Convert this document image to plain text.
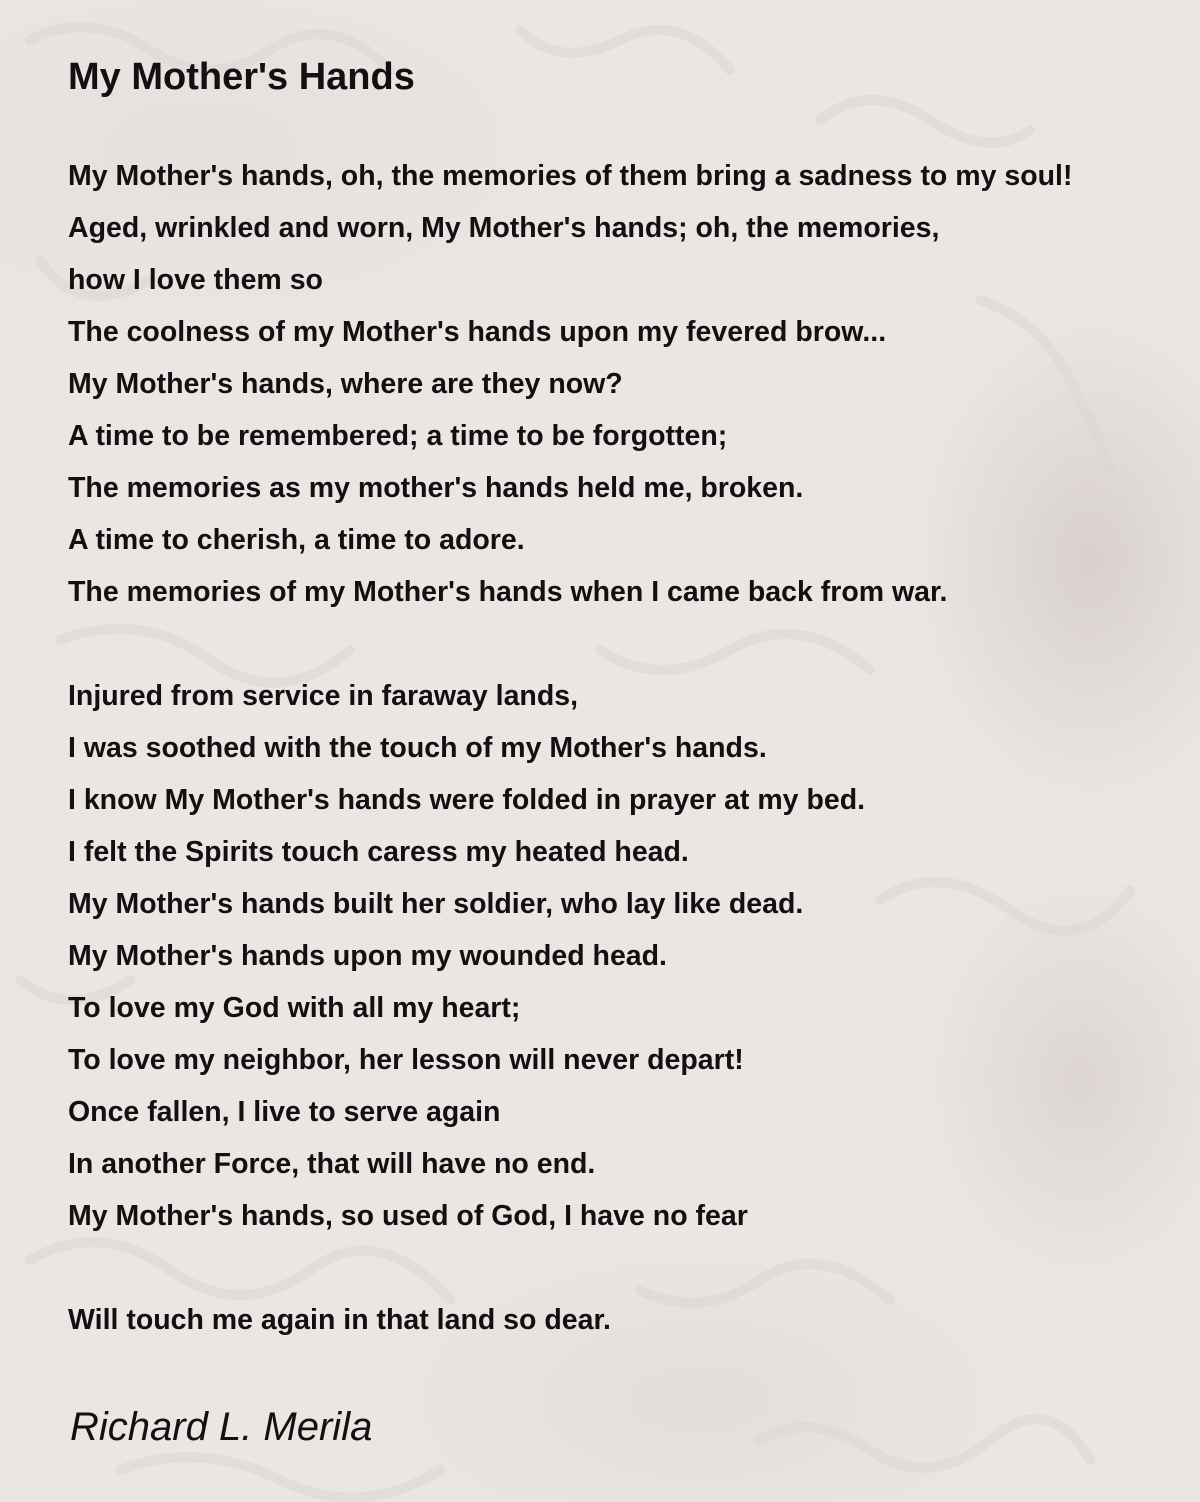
My Mother's Hands
My Mother's hands, oh, the memories of them bring a sadness to my soul!
Aged, wrinkled and worn, My Mother's hands; oh, the memories,
how I love them so
The coolness of my Mother's hands upon my fevered brow...
My Mother's hands, where are they now?
A time to be remembered; a time to be forgotten;
The memories as my mother's hands held me, broken.
A time to cherish, a time to adore.
The memories of my Mother's hands when I came back from war.
Injured from service in faraway lands,
I was soothed with the touch of my Mother's hands.
I know My Mother's hands were folded in prayer at my bed.
I felt the Spirits touch caress my heated head.
My Mother's hands built her soldier, who lay like dead.
My Mother's hands upon my wounded head.
To love my God with all my heart;
To love my neighbor, her lesson will never depart!
Once fallen, I live to serve again
In another Force, that will have no end.
My Mother's hands, so used of God, I have no fear
Will touch me again in that land so dear.
Richard L. Merila
